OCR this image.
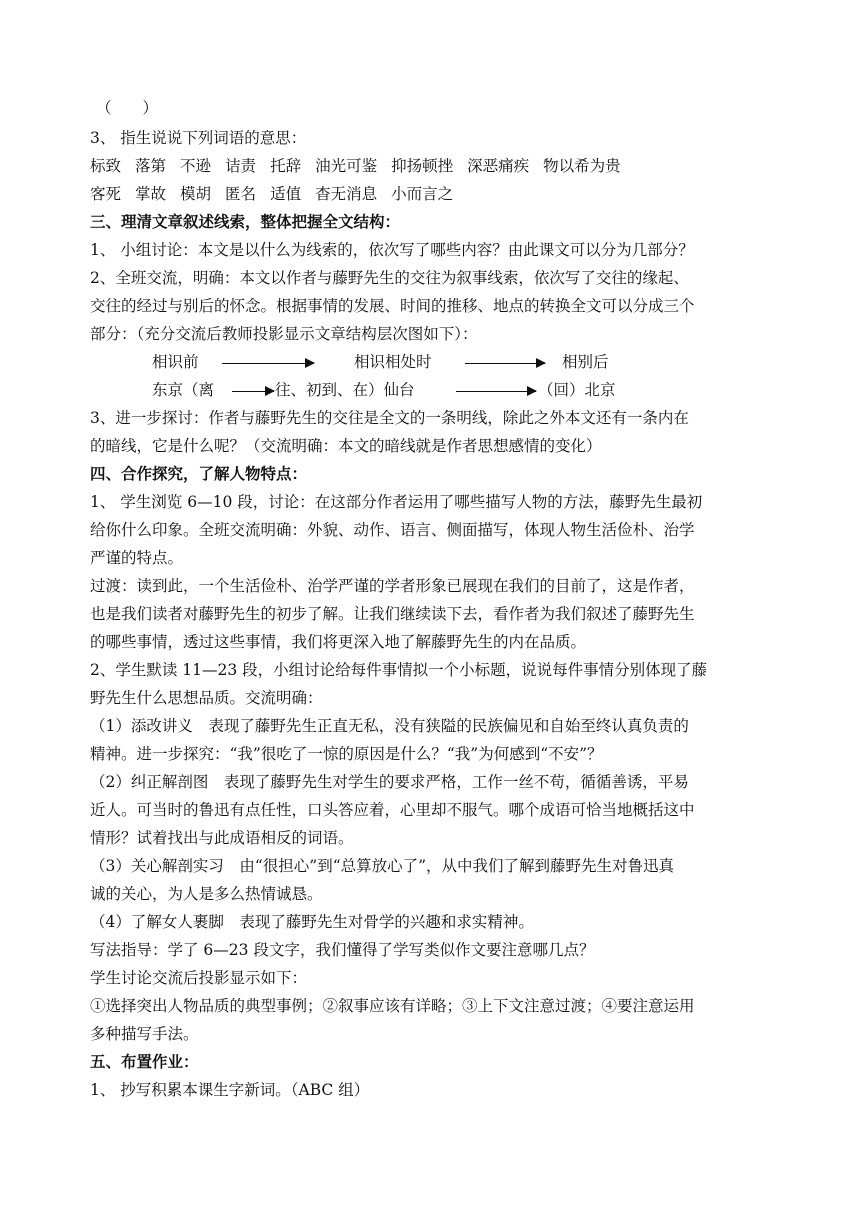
（　　）
3、 指生说说下列词语的意思：
标致 落第 不逊 诘责 托辞 油光可鉴 抑扬顿挫 深恶痛疾 物以希为贵
客死 掌故 模胡 匿名 适值 杳无消息 小而言之
三、理清文章叙述线索，整体把握全文结构：
1、 小组讨论：本文是以什么为线索的，依次写了哪些内容？由此课文可以分为几部分？
2、全班交流，明确：本文以作者与藤野先生的交往为叙事线索，依次写了交往的缘起、
交往的经过与别后的怀念。根据事情的发展、时间的推移、地点的转换全文可以分成三个
部分：（充分交流后教师投影显示文章结构层次图如下）：
相识前	相识相处时	相别后
东京（离	往、初到、在）仙台	（回）北京
3、进一步探讨：作者与藤野先生的交往是全文的一条明线，除此之外本文还有一条内在
的暗线，它是什么呢？（交流明确：本文的暗线就是作者思想感情的变化）
四、合作探究，了解人物特点：
1、 学生浏览 6—10 段，讨论：在这部分作者运用了哪些描写人物的方法，藤野先生最初
给你什么印象。全班交流明确：外貌、动作、语言、侧面描写，体现人物生活俭朴、治学
严谨的特点。
过渡：读到此，一个生活俭朴、治学严谨的学者形象已展现在我们的目前了，这是作者，
也是我们读者对藤野先生的初步了解。让我们继续读下去，看作者为我们叙述了藤野先生
的哪些事情，透过这些事情，我们将更深入地了解藤野先生的内在品质。
2、学生默读 11—23 段，小组讨论给每件事情拟一个小标题，说说每件事情分别体现了藤
野先生什么思想品质。交流明确：
（1）添改讲义　表现了藤野先生正直无私，没有狭隘的民族偏见和自始至终认真负责的
精神。进一步探究：“我”很吃了一惊的原因是什么？“我”为何感到“不安”？
（2）纠正解剖图　表现了藤野先生对学生的要求严格，工作一丝不苟，循循善诱，平易
近人。可当时的鲁迅有点任性，口头答应着，心里却不服气。哪个成语可恰当地概括这中
情形？试着找出与此成语相反的词语。
（3）关心解剖实习　由“很担心”到“总算放心了”，从中我们了解到藤野先生对鲁迅真
诚的关心，为人是多么热情诚恳。
（4）了解女人裹脚　表现了藤野先生对骨学的兴趣和求实精神。
写法指导：学了 6—23 段文字，我们懂得了学写类似作文要注意哪几点？
学生讨论交流后投影显示如下：
①选择突出人物品质的典型事例；②叙事应该有详略；③上下文注意过渡；④要注意运用
多种描写手法。
五、布置作业：
1、 抄写积累本课生字新词。（ABC 组）
